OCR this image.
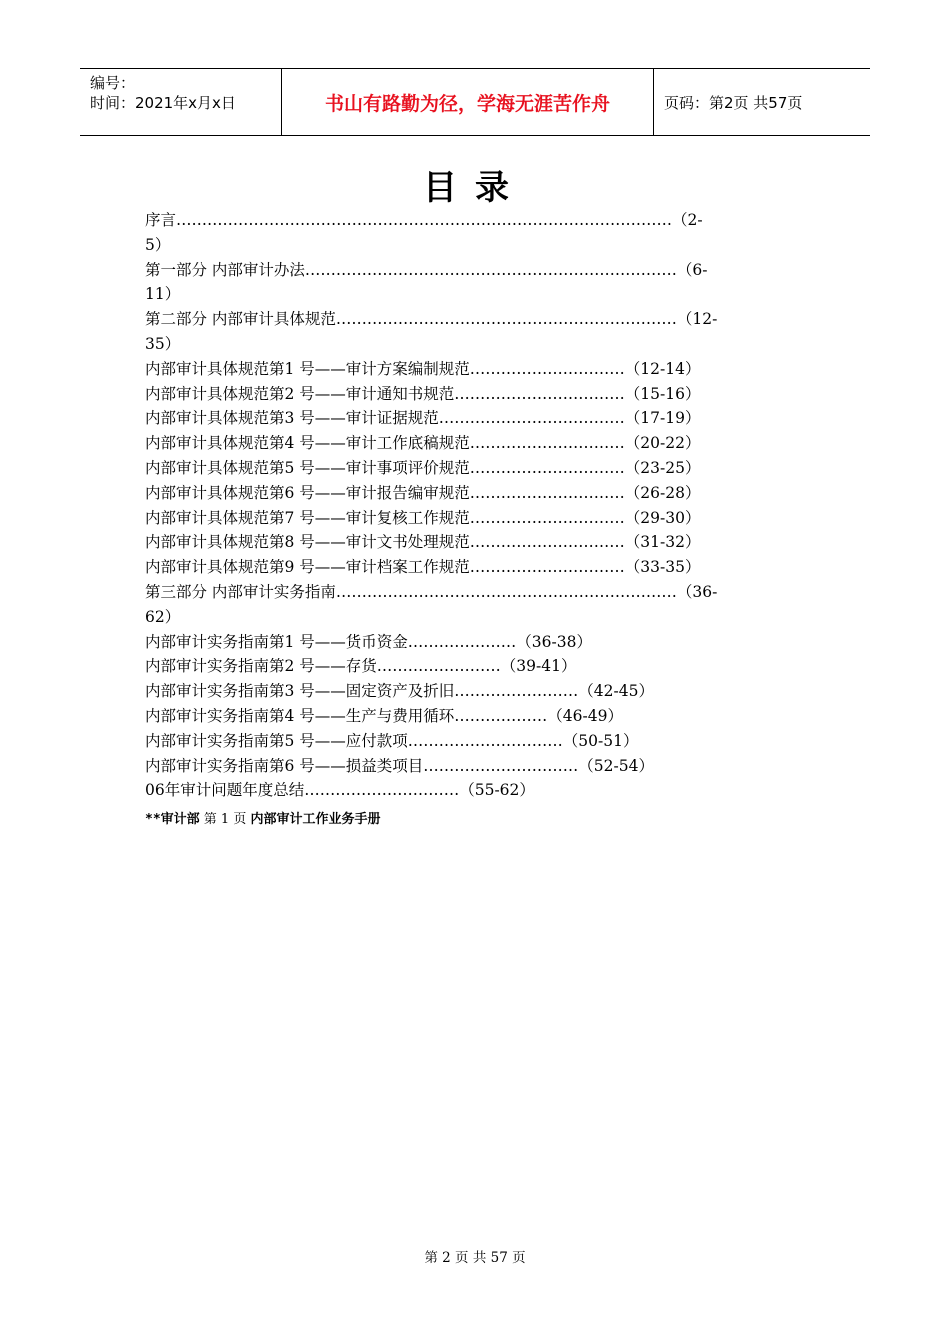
编号：
时间：2021年x月x日	书山有路勤为径，学海无涯苦作舟	页码：第2页 共57页
目录
序言……………………………………………………………………………………（2-
5）
第一部分 内部审计办法………………………………………………………………（6-
11）
第二部分 内部审计具体规范…………………………………………………………（12-
35）
内部审计具体规范第1 号——审计方案编制规范…………………………（12-14）
内部审计具体规范第2 号——审计通知书规范……………………………（15-16）
内部审计具体规范第3 号——审计证据规范………………………………（17-19）
内部审计具体规范第4 号——审计工作底稿规范…………………………（20-22）
内部审计具体规范第5 号——审计事项评价规范…………………………（23-25）
内部审计具体规范第6 号——审计报告编审规范…………………………（26-28）
内部审计具体规范第7 号——审计复核工作规范…………………………（29-30）
内部审计具体规范第8 号——审计文书处理规范…………………………（31-32）
内部审计具体规范第9 号——审计档案工作规范…………………………（33-35）
第三部分 内部审计实务指南…………………………………………………………（36-
62）
内部审计实务指南第1 号——货币资金…………………（36-38）
内部审计实务指南第2 号——存货……………………（39-41）
内部审计实务指南第3 号——固定资产及折旧……………………（42-45）
内部审计实务指南第4 号——生产与费用循环………………（46-49）
内部审计实务指南第5 号——应付款项…………………………（50-51）
内部审计实务指南第6 号——损益类项目…………………………（52-54）
06年审计问题年度总结…………………………（55-62）
**审计部 第 1 页 内部审计工作业务手册
第 2 页 共 57 页
